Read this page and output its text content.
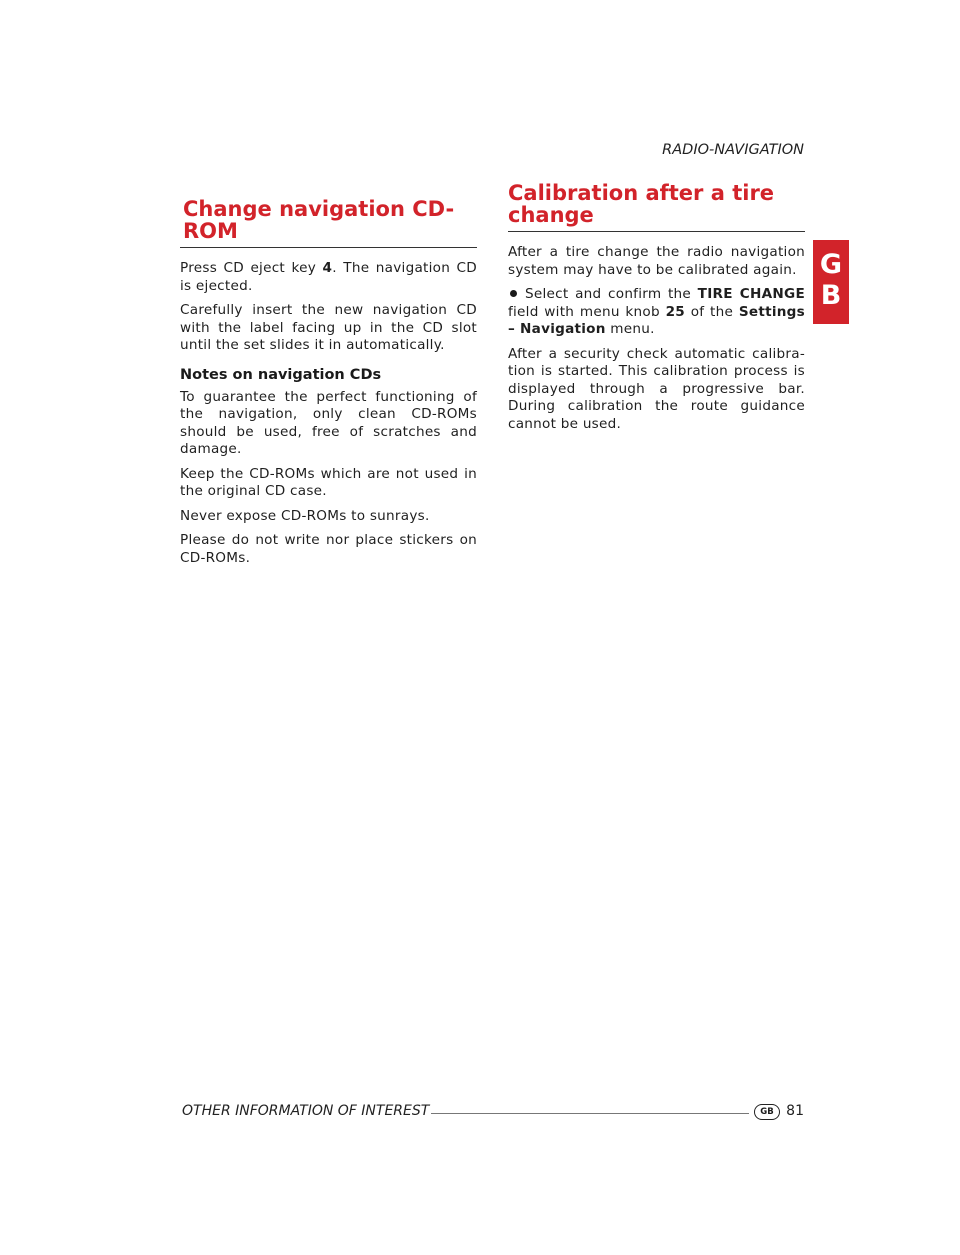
RADIO-NAVIGATION
G
B
Change navigation CD-ROM

Press CD eject key 4. The navigation CD is ejected.

Carefully insert the new navigation CD with the label facing up in the CD slot until the set slides it in automatically.

Notes on navigation CDs

To guarantee the perfect functioning of the navigation, only clean CD-ROMs should be used, free of scratches and damage.

Keep the CD-ROMs which are not used in the original CD case.

Never expose CD-ROMs to sunrays.

Please do not write nor place stickers on CD-ROMs.

Calibration after a tire change

After a tire change the radio navigation system may have to be calibrated again.

Select and confirm the TIRE CHANGE field with menu knob 25 of the Settings – Navigation menu.

After a security check automatic calibra-tion is started. This calibration process is displayed through a progressive bar. During calibration the route guidance cannot be used.

OTHER INFORMATION OF INTEREST	GB 81
